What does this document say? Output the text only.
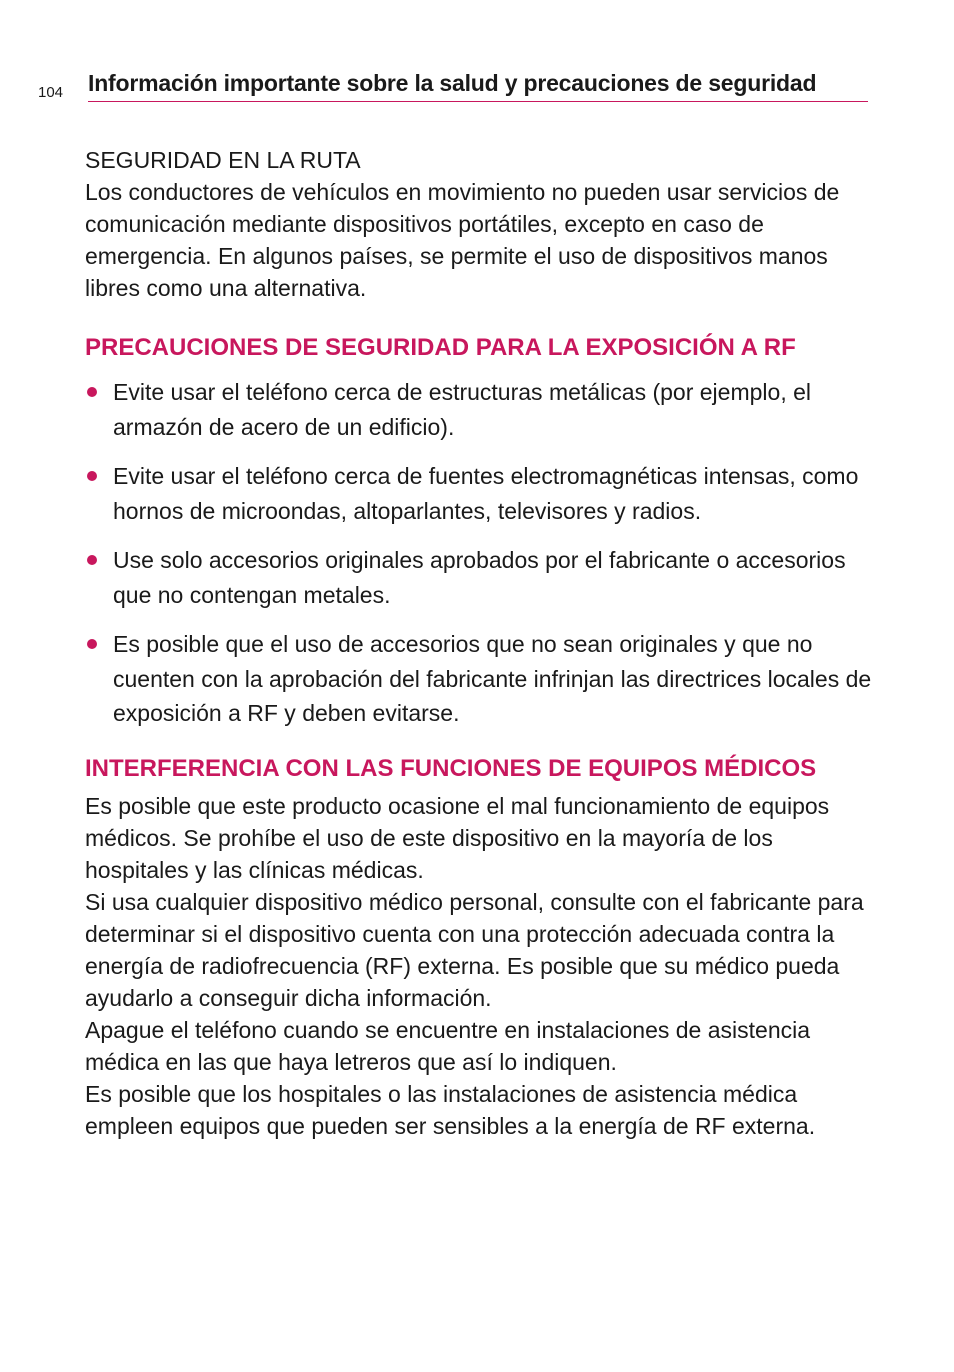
104 Información importante sobre la salud y precauciones de seguridad
SEGURIDAD EN LA RUTA

Los conductores de vehículos en movimiento no pueden usar servicios de comunicación mediante dispositivos portátiles, excepto en caso de emergencia. En algunos países, se permite el uso de dispositivos manos libres como una alternativa.

PRECAUCIONES DE SEGURIDAD PARA LA EXPOSICIÓN A RF
Evite usar el teléfono cerca de estructuras metálicas (por ejemplo, el armazón de acero de un edificio).
Evite usar el teléfono cerca de fuentes electromagnéticas intensas, como hornos de microondas, altoparlantes, televisores y radios.
Use solo accesorios originales aprobados por el fabricante o accesorios que no contengan metales.
Es posible que el uso de accesorios que no sean originales y que no cuenten con la aprobación del fabricante infrinjan las directrices locales de exposición a RF y deben evitarse.
INTERFERENCIA CON LAS FUNCIONES DE EQUIPOS MÉDICOS

Es posible que este producto ocasione el mal funcionamiento de equipos médicos. Se prohíbe el uso de este dispositivo en la mayoría de los hospitales y las clínicas médicas.

Si usa cualquier dispositivo médico personal, consulte con el fabricante para determinar si el dispositivo cuenta con una protección adecuada contra la energía de radiofrecuencia (RF) externa. Es posible que su médico pueda ayudarlo a conseguir dicha información.

Apague el teléfono cuando se encuentre en instalaciones de asistencia médica en las que haya letreros que así lo indiquen.

Es posible que los hospitales o las instalaciones de asistencia médica empleen equipos que pueden ser sensibles a la energía de RF externa.
